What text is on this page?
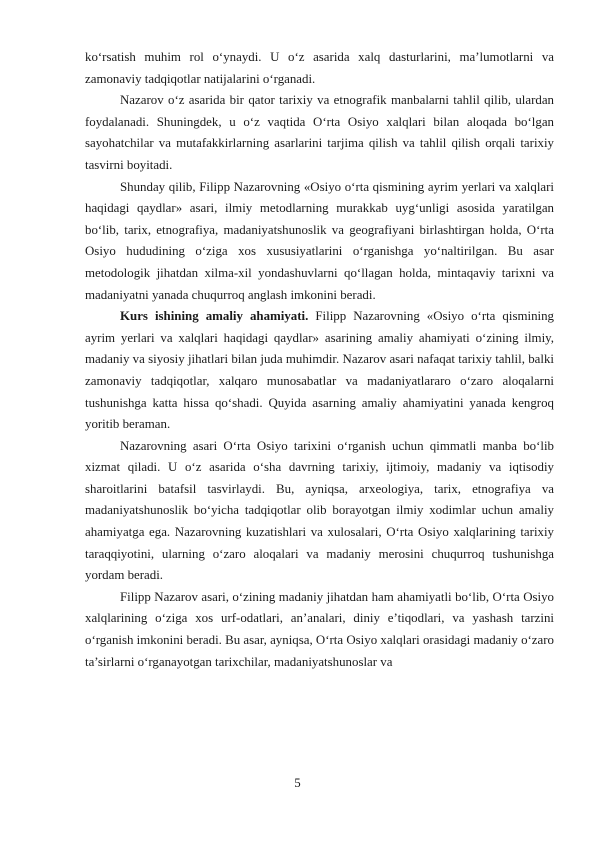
ko‘rsatish muhim rol o‘ynaydi. U o‘z asarida xalq dasturlarini, ma’lumotlarni va zamonaviy tadqiqotlar natijalarini o‘rganadi.

Nazarov o‘z asarida bir qator tarixiy va etnografik manbalarni tahlil qilib, ulardan foydalanadi. Shuningdek, u o‘z vaqtida O‘rta Osiyo xalqlari bilan aloqada bo‘lgan sayohatchilar va mutafakkirlarning asarlarini tarjima qilish va tahlil qilish orqali tarixiy tasvirni boyitadi.

Shunday qilib, Filipp Nazarovning «Osiyo o‘rta qismining ayrim yerlari va xalqlari haqidagi qaydlar» asari, ilmiy metodlarning murakkab uyg‘unligi asosida yaratilgan bo‘lib, tarix, etnografiya, madaniyatshunoslik va geografiyani birlashtirgan holda, O‘rta Osiyo hududining o‘ziga xos xususiyatlarini o‘rganishga yo‘naltirilgan. Bu asar metodologik jihatdan xilma-xil yondashuvlarni qo‘llagan holda, mintaqaviy tarixni va madaniyatni yanada chuqurroq anglash imkonini beradi.

Kurs ishining amaliy ahamiyati. Filipp Nazarovning «Osiyo o‘rta qismining ayrim yerlari va xalqlari haqidagi qaydlar» asarining amaliy ahamiyati o‘zining ilmiy, madaniy va siyosiy jihatlari bilan juda muhimdir. Nazarov asari nafaqat tarixiy tahlil, balki zamonaviy tadqiqotlar, xalqaro munosabatlar va madaniyatlararo o‘zaro aloqalarni tushunishga katta hissa qo‘shadi. Quyida asarning amaliy ahamiyatini yanada kengroq yoritib beraman.

Nazarovning asari O‘rta Osiyo tarixini o‘rganish uchun qimmatli manba bo‘lib xizmat qiladi. U o‘z asarida o‘sha davrning tarixiy, ijtimoiy, madaniy va iqtisodiy sharoitlarini batafsil tasvirlaydi. Bu, ayniqsa, arxeologiya, tarix, etnografiya va madaniyatshunoslik bo‘yicha tadqiqotlar olib borayotgan ilmiy xodimlar uchun amaliy ahamiyatga ega. Nazarovning kuzatishlari va xulosalari, O‘rta Osiyo xalqlarining tarixiy taraqqiyotini, ularning o‘zaro aloqalari va madaniy merosini chuqurroq tushunishga yordam beradi.

Filipp Nazarov asari, o‘zining madaniy jihatdan ham ahamiyatli bo‘lib, O‘rta Osiyo xalqlarining o‘ziga xos urf-odatlari, an’analari, diniy e’tiqodlari, va yashash tarzini o‘rganish imkonini beradi. Bu asar, ayniqsa, O‘rta Osiyo xalqlari orasidagi madaniy o‘zaro ta’sirlarni o‘rganayotgan tarixchilar, madaniyatshunoslar va

5
